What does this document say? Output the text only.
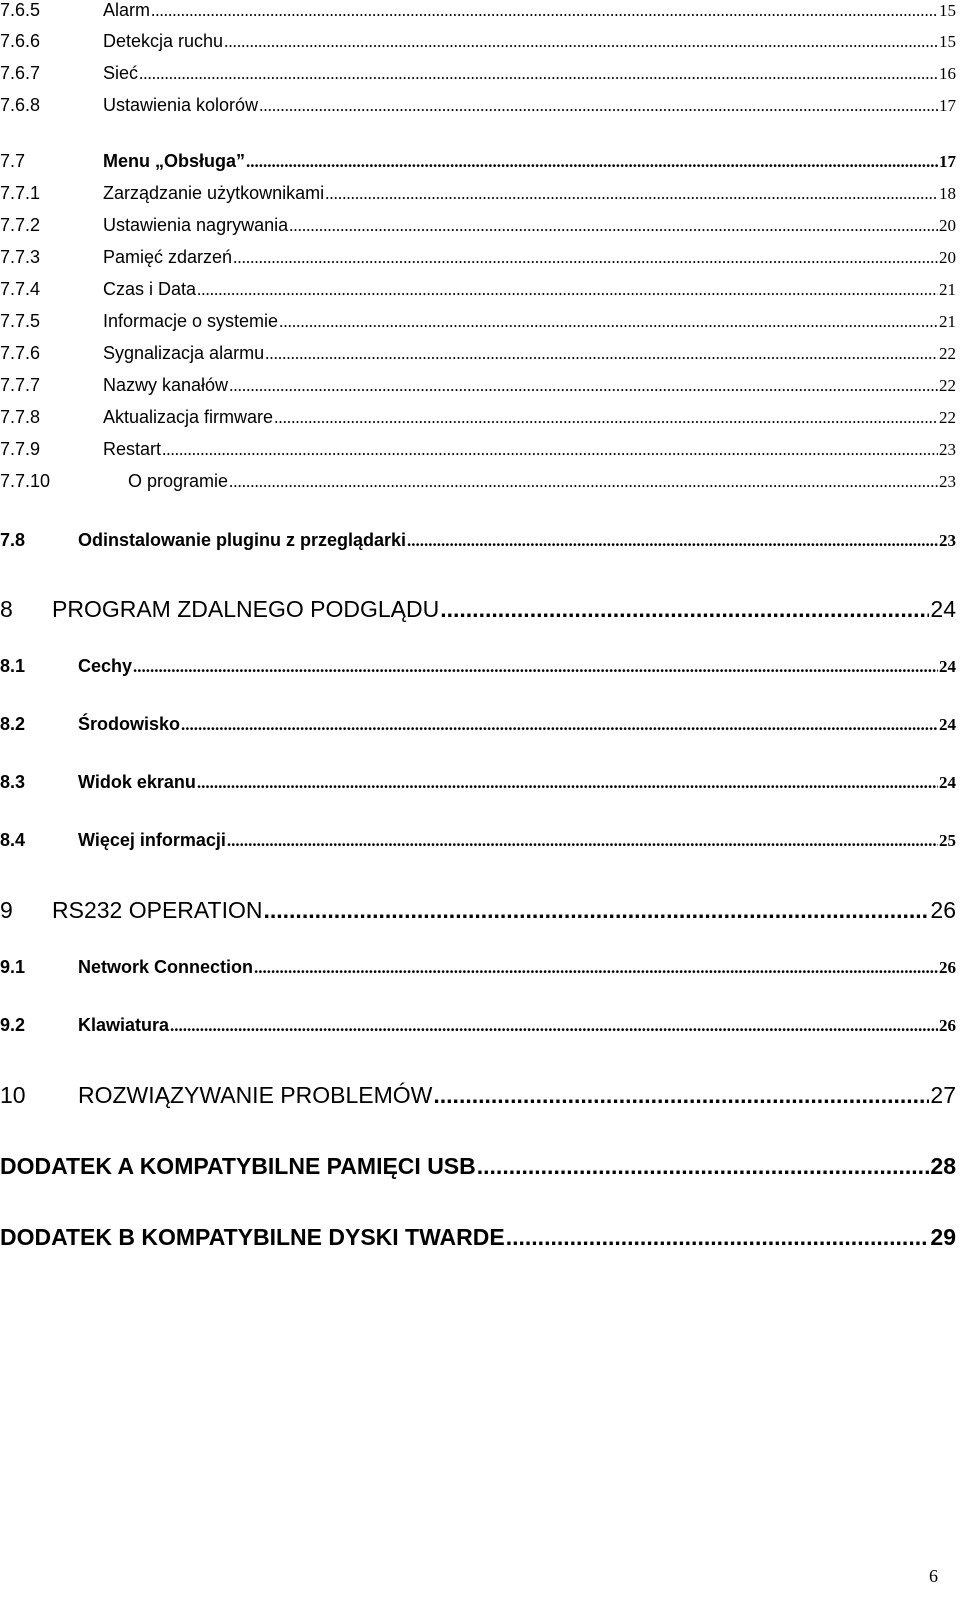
7.6.5	Alarm .....	15
7.6.6	Detekcja ruchu .....	15
7.6.7	Sieć .....	16
7.6.8	Ustawienia kolorów .....	17
7.7	Menu „Obsługa” .....	17
7.7.1	Zarządzanie użytkownikami .....	18
7.7.2	Ustawienia nagrywania .....	20
7.7.3	Pamięć zdarzeń .....	20
7.7.4	Czas i Data .....	21
7.7.5	Informacje o systemie .....	21
7.7.6	Sygnalizacja alarmu .....	22
7.7.7	Nazwy kanałów .....	22
7.7.8	Aktualizacja firmware .....	22
7.7.9	Restart .....	23
7.7.10	O programie .....	23
7.8	Odinstalowanie pluginu z przeglądarki .....	23
8	PROGRAM ZDALNEGO PODGLĄDU .....	24
8.1	Cechy .....	24
8.2	Środowisko .....	24
8.3	Widok ekranu .....	24
8.4	Więcej informacji .....	25
9	RS232 OPERATION .....	26
9.1	Network Connection .....	26
9.2	Klawiatura .....	26
10	ROZWIĄZYWANIE PROBLEMÓW .....	27
DODATEK A KOMPATYBILNE PAMIĘCI USB .....	28
DODATEK B KOMPATYBILNE DYSKI TWARDE .....	29
6
